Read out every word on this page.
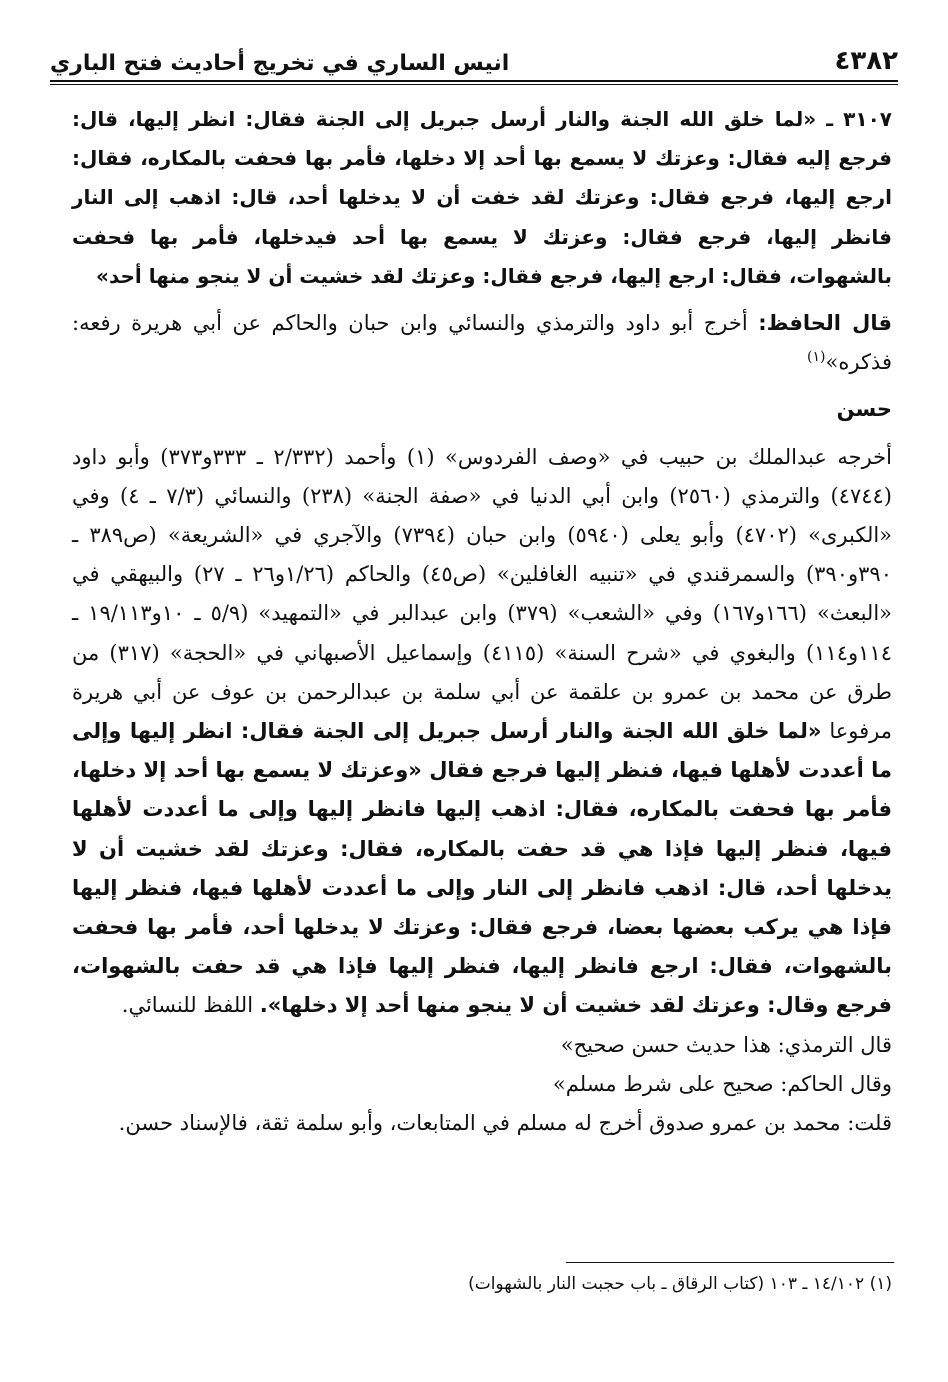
٤٣٨٢
انيس الساري في تخريج أحاديث فتح الباري

٣١٠٧ ـ «لما خلق الله الجنة والنار أرسل جبريل إلى الجنة فقال: انظر إليها، قال: فرجع إليه فقال: وعزتك لا يسمع بها أحد إلا دخلها، فأمر بها فحفت بالمكاره، فقال: ارجع إليها، فرجع فقال: وعزتك لقد خفت أن لا يدخلها أحد، قال: اذهب إلى النار فانظر إليها، فرجع فقال: وعزتك لا يسمع بها أحد فيدخلها، فأمر بها فحفت بالشهوات، فقال: ارجع إليها، فرجع فقال: وعزتك لقد خشيت أن لا ينجو منها أحد»

قال الحافظ: أخرج أبو داود والترمذي والنسائي وابن حبان والحاكم عن أبي هريرة رفعه: فذكره»$^{(١)}$

حسن

أخرجه عبدالملك بن حبيب في «وصف الفردوس» (١) وأحمد (٢/٣٣٢ ـ ٣٣٣و٣٧٣) وأبو داود (٤٧٤٤) والترمذي (٢٥٦٠) وابن أبي الدنيا في «صفة الجنة» (٢٣٨) والنسائي (٧/٣ ـ ٤) وفي «الكبرى» (٤٧٠٢) وأبو يعلى (٥٩٤٠) وابن حبان (٧٣٩٤) والآجري في «الشريعة» (ص٣٨٩ ـ ٣٩٠و٣٩٠) والسمرقندي في «تنبيه الغافلين» (ص٤٥) والحاكم (١/٢٦و٢٦ ـ ٢٧) والبيهقي في «البعث» (١٦٦و١٦٧) وفي «الشعب» (٣٧٩) وابن عبدالبر في «التمهيد» (٥/٩ ـ ١٠و١٩/١١٣ ـ ١١٤و١١٤) والبغوي في «شرح السنة» (٤١١٥) وإسماعيل الأصبهاني في «الحجة» (٣١٧) من طرق عن محمد بن عمرو بن علقمة عن أبي سلمة بن عبدالرحمن بن عوف عن أبي هريرة مرفوعا «لما خلق الله الجنة والنار أرسل جبريل إلى الجنة فقال: انظر إليها وإلى ما أعددت لأهلها فيها، فنظر إليها فرجع فقال «وعزتك لا يسمع بها أحد إلا دخلها، فأمر بها فحفت بالمكاره، فقال: اذهب إليها فانظر إليها وإلى ما أعددت لأهلها فيها، فنظر إليها فإذا هي قد حفت بالمكاره، فقال: وعزتك لقد خشيت أن لا يدخلها أحد، قال: اذهب فانظر إلى النار وإلى ما أعددت لأهلها فيها، فنظر إليها فإذا هي يركب بعضها بعضا، فرجع فقال: وعزتك لا يدخلها أحد، فأمر بها فحفت بالشهوات، فقال: ارجع فانظر إليها، فنظر إليها فإذا هي قد حفت بالشهوات، فرجع وقال: وعزتك لقد خشيت أن لا ينجو منها أحد إلا دخلها». اللفظ للنسائي.

قال الترمذي: هذا حديث حسن صحيح»

وقال الحاكم: صحيح على شرط مسلم»

قلت: محمد بن عمرو صدوق أخرج له مسلم في المتابعات، وأبو سلمة ثقة، فالإسناد حسن.

(١) ١٤/١٠٢ ـ ١٠٣ (كتاب الرقاق ـ باب حجبت النار بالشهوات)
